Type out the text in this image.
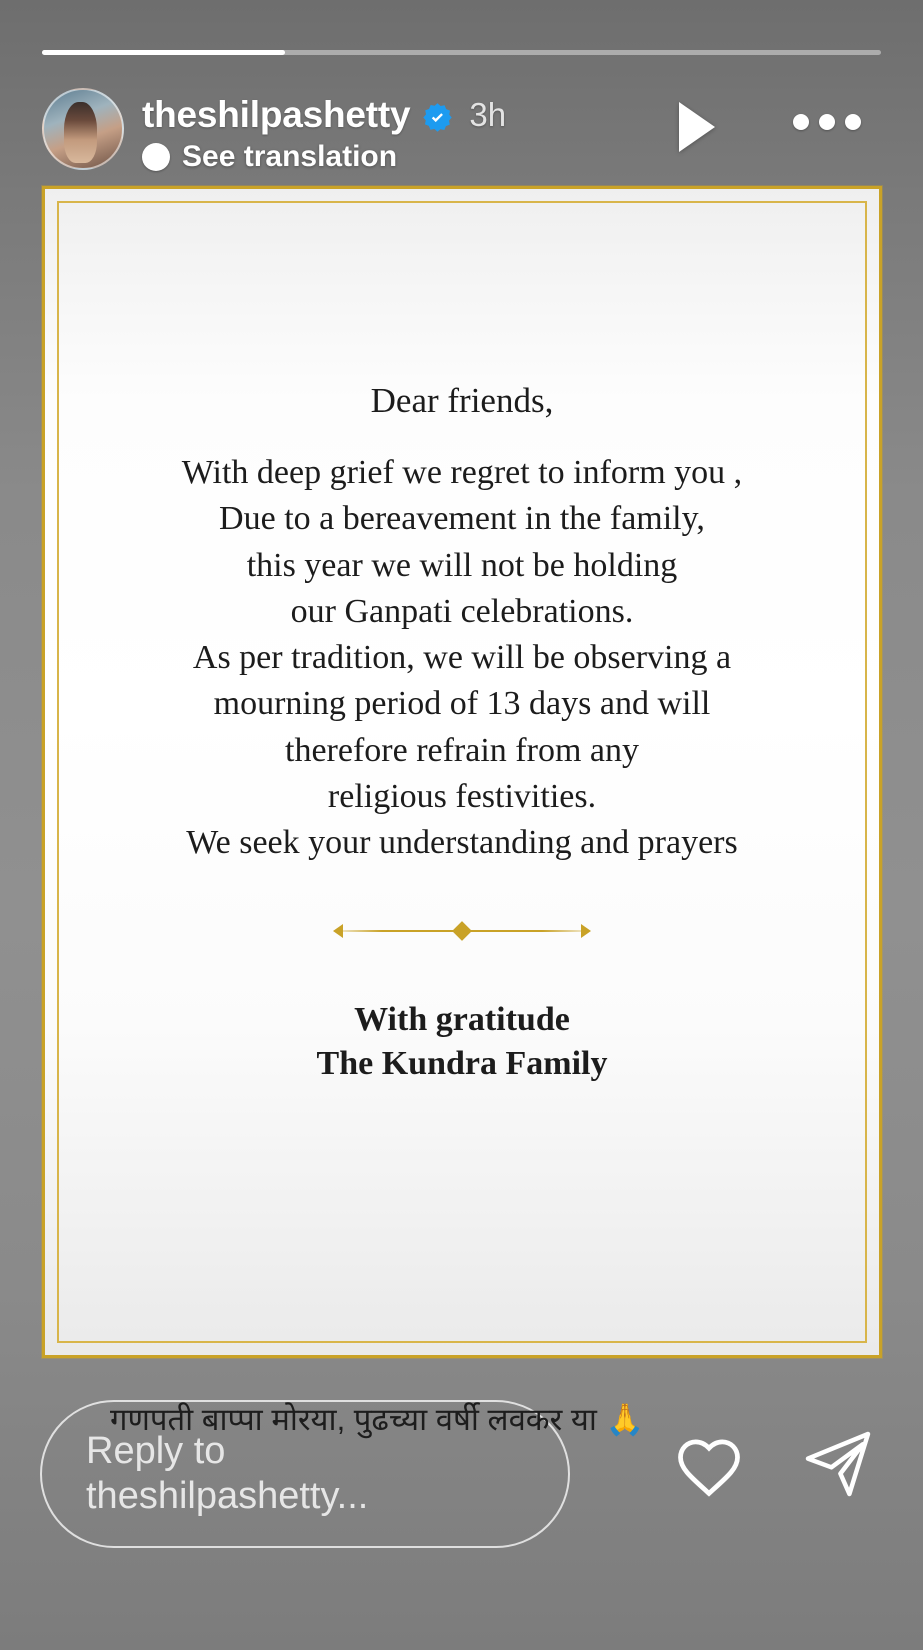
theshilpashetty 3h
See translation
Dear friends,
With deep grief we regret to inform you ,
Due to a bereavement in the family,
this year we will not be holding
our Ganpati celebrations.
As per tradition, we will be observing a
mourning period of 13 days and will
therefore refrain from any
religious festivities.
We seek your understanding and prayers
With gratitude
The Kundra Family
गणपती बाप्पा मोरया, पुढच्या वर्षी लवकर या 🙏
Reply to
theshilpashetty...
